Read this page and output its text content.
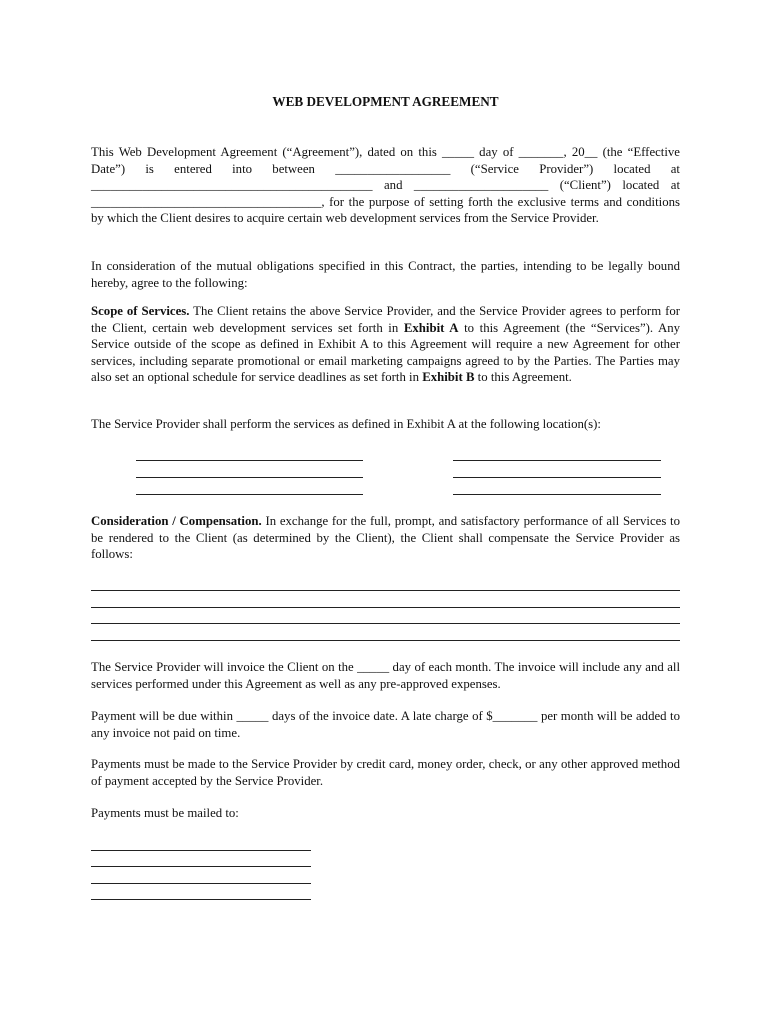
WEB DEVELOPMENT AGREEMENT

This Web Development Agreement (“Agreement”), dated on this _____ day of _______, 20__ (the “Effective Date”) is entered into between __________________ (“Service Provider”) located at ____________________________________________ and _____________________ (“Client”) located at ____________________________________, for the purpose of setting forth the exclusive terms and conditions by which the Client desires to acquire certain web development services from the Service Provider.

In consideration of the mutual obligations specified in this Contract, the parties, intending to be legally bound hereby, agree to the following:

Scope of Services. The Client retains the above Service Provider, and the Service Provider agrees to perform for the Client, certain web development services set forth in Exhibit A to this Agreement (the “Services”). Any Service outside of the scope as defined in Exhibit A to this Agreement will require a new Agreement for other services, including separate promotional or email marketing campaigns agreed to by the Parties. The Parties may also set an optional schedule for service deadlines as set forth in Exhibit B to this Agreement.

The Service Provider shall perform the services as defined in Exhibit A at the following location(s):

Consideration / Compensation. In exchange for the full, prompt, and satisfactory performance of all Services to be rendered to the Client (as determined by the Client), the Client shall compensate the Service Provider as follows:

The Service Provider will invoice the Client on the _____ day of each month. The invoice will include any and all services performed under this Agreement as well as any pre-approved expenses.

Payment will be due within _____ days of the invoice date. A late charge of $_______ per month will be added to any invoice not paid on time.

Payments must be made to the Service Provider by credit card, money order, check, or any other approved method of payment accepted by the Service Provider.

Payments must be mailed to:
